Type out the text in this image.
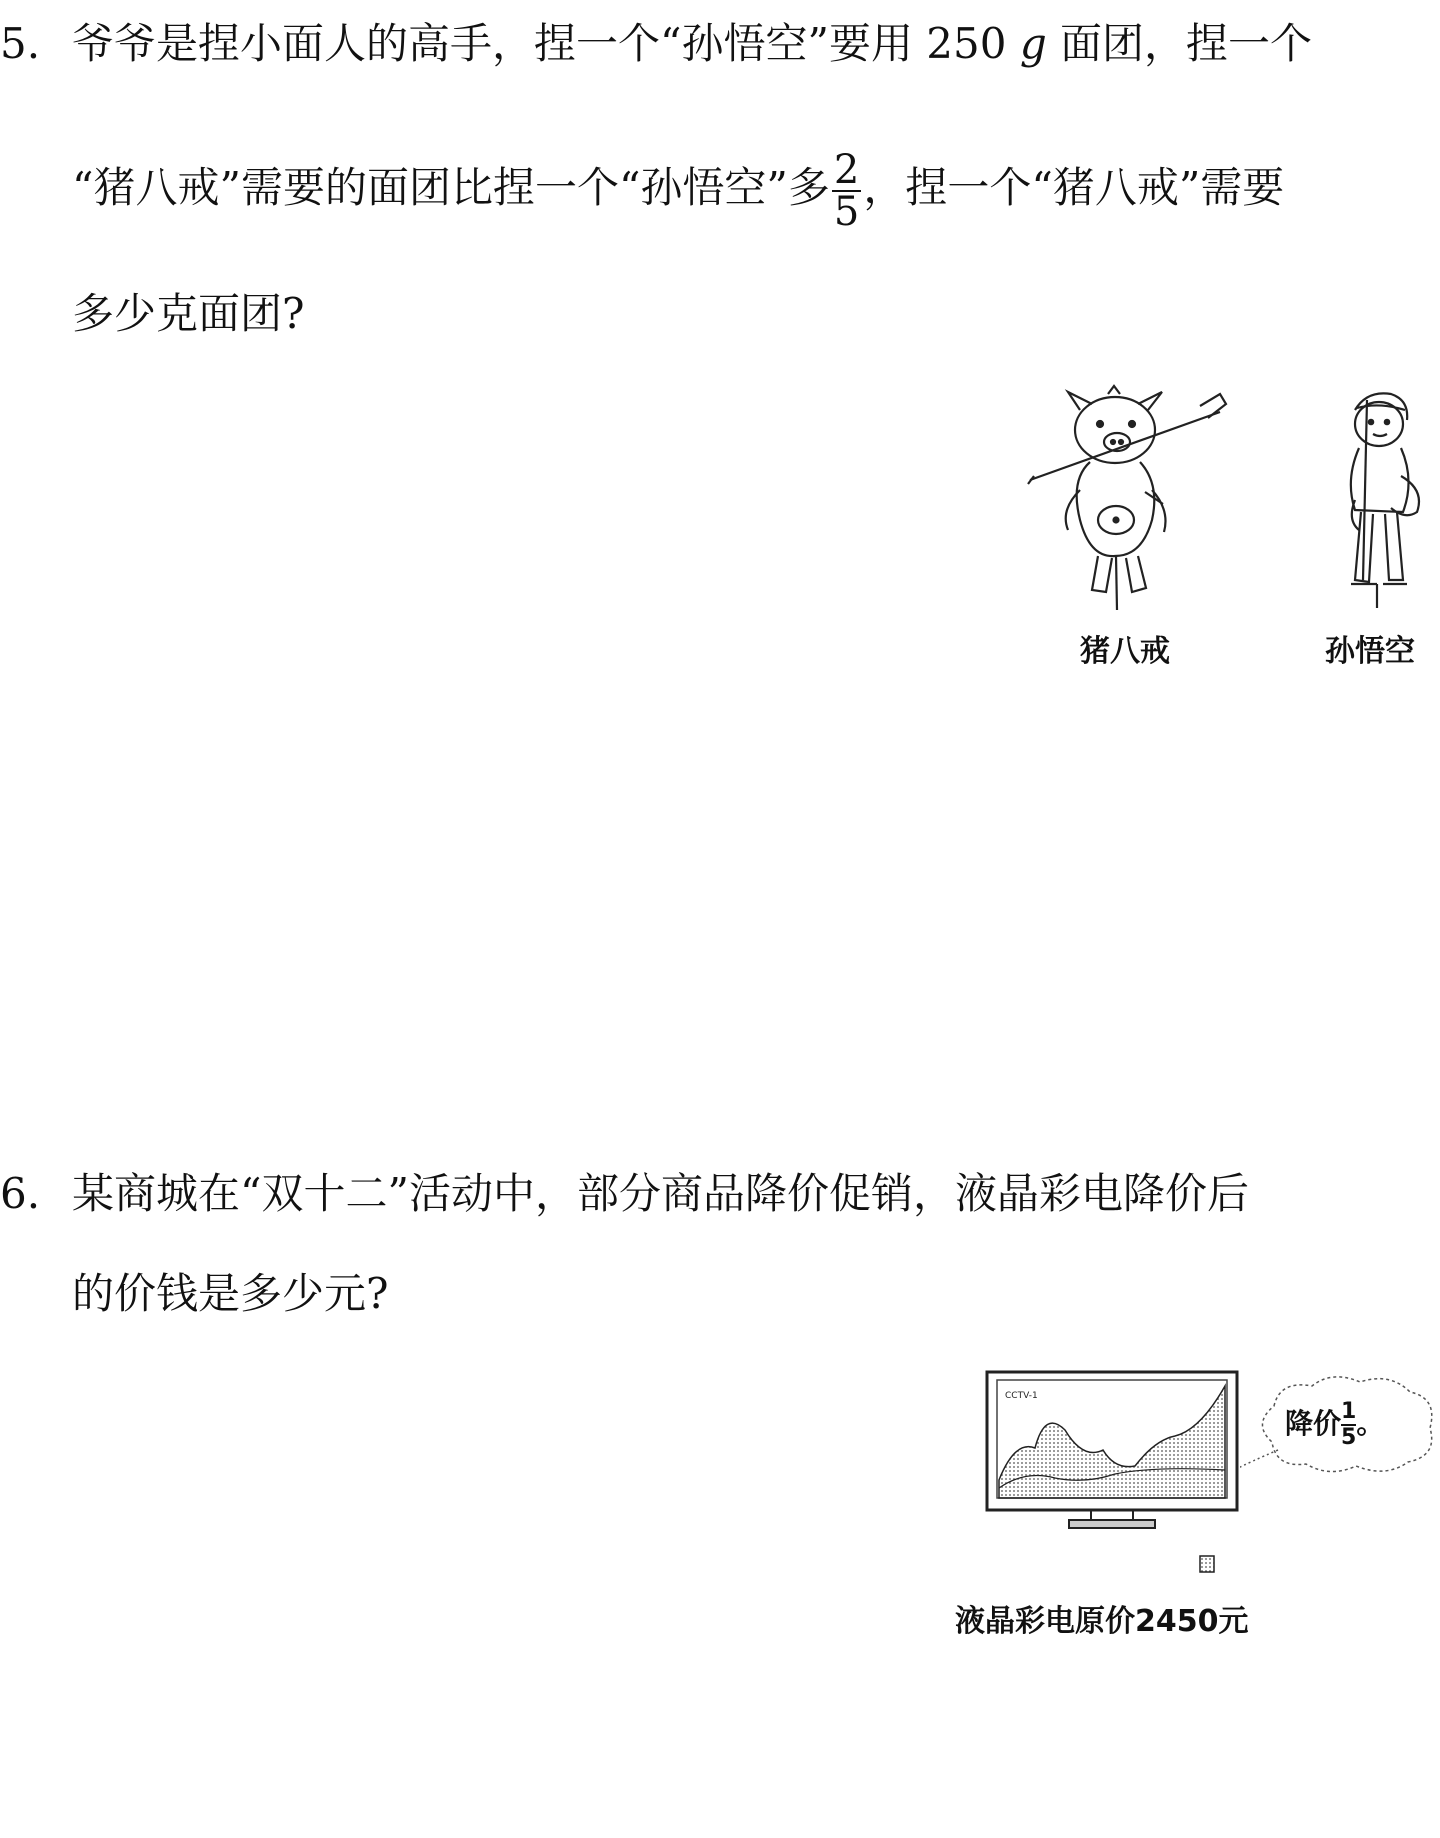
5. 爷爷是捏小面人的高手，捏一个“孙悟空”要用 250 g 面团，捏一个
“猪八戒”需要的面团比捏一个“孙悟空”多 $\frac{2}{5}$ ，捏一个“猪八戒”需要
多少克面团?
猪八戒	孙悟空
6. 某商城在“双十二”活动中，部分商品降价促销，液晶彩电降价后
的价钱是多少元?
CCTV-1
降价 $\frac{1}{5}$ 。
液晶彩电原价2450元
